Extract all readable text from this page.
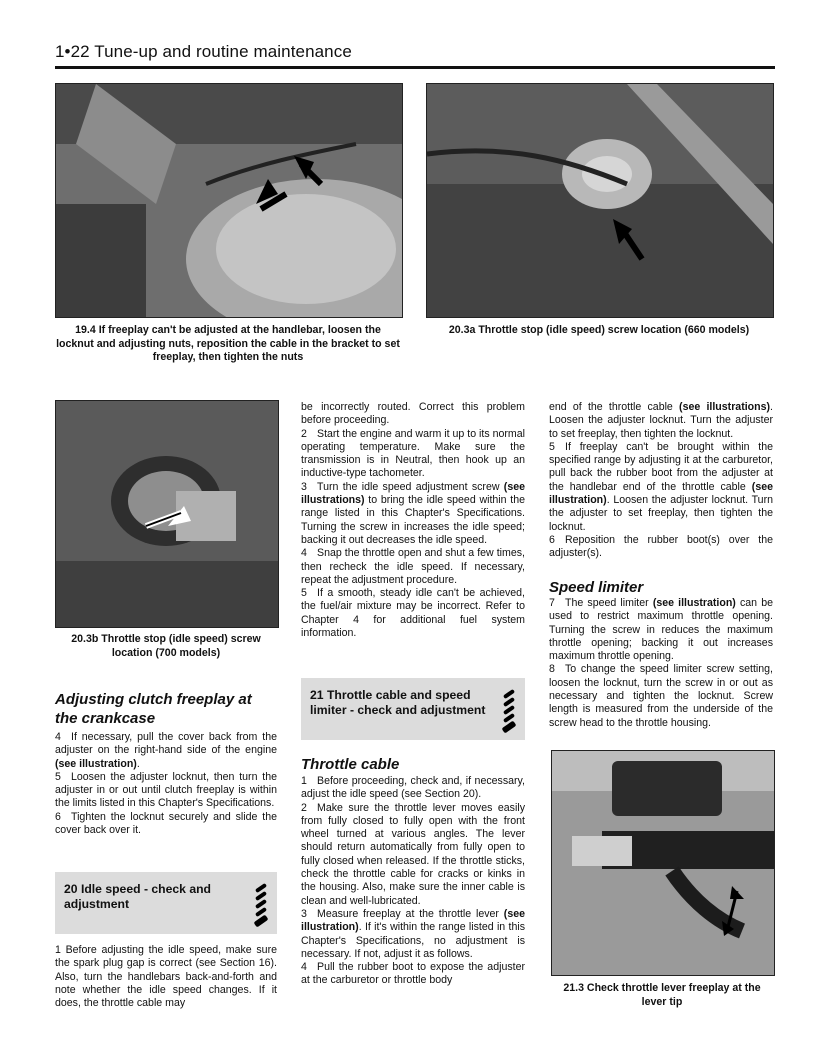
1•22 Tune-up and routine maintenance
19.4 If freeplay can't be adjusted at the handlebar, loosen the locknut and adjusting nuts, reposition the cable in the bracket to set freeplay, then tighten the nuts
20.3a Throttle stop (idle speed) screw location (660 models)
20.3b Throttle stop (idle speed) screw location (700 models)
21.3 Check throttle lever freeplay at the lever tip
Adjusting clutch freeplay at the crankcase

4 If necessary, pull the cover back from the adjuster on the right-hand side of the engine (see illustration).

5 Loosen the adjuster locknut, then turn the adjuster in or out until clutch freeplay is within the limits listed in this Chapter's Specifications.

6 Tighten the locknut securely and slide the cover back over it.

20 Idle speed - check and adjustment
1 Before adjusting the idle speed, make sure the spark plug gap is correct (see Section 16). Also, turn the handlebars back-and-forth and note whether the idle speed changes. If it does, the throttle cable may

be incorrectly routed. Correct this problem before proceeding.

2 Start the engine and warm it up to its normal operating temperature. Make sure the transmission is in Neutral, then hook up an inductive-type tachometer.

3 Turn the idle speed adjustment screw (see illustrations) to bring the idle speed within the range listed in this Chapter's Specifications. Turning the screw in increases the idle speed; backing it out decreases the idle speed.

4 Snap the throttle open and shut a few times, then recheck the idle speed. If necessary, repeat the adjustment procedure.

5 If a smooth, steady idle can't be achieved, the fuel/air mixture may be incorrect. Refer to Chapter 4 for additional fuel system information.

21 Throttle cable and speed limiter - check and adjustment
Throttle cable

1 Before proceeding, check and, if necessary, adjust the idle speed (see Section 20).

2 Make sure the throttle lever moves easily from fully closed to fully open with the front wheel turned at various angles. The lever should return automatically from fully open to fully closed when released. If the throttle sticks, check the throttle cable for cracks or kinks in the housing. Also, make sure the inner cable is clean and well-lubricated.

3 Measure freeplay at the throttle lever (see illustration). If it's within the range listed in this Chapter's Specifications, no adjustment is necessary. If not, adjust it as follows.

4 Pull the rubber boot to expose the adjuster at the carburetor or throttle body

end of the throttle cable (see illustrations). Loosen the adjuster locknut. Turn the adjuster to set freeplay, then tighten the locknut.

5 If freeplay can't be brought within the specified range by adjusting it at the carburetor, pull back the rubber boot from the adjuster at the handlebar end of the throttle cable (see illustration). Loosen the adjuster locknut. Turn the adjuster to set freeplay, then tighten the locknut.

6 Reposition the rubber boot(s) over the adjuster(s).

Speed limiter

7 The speed limiter (see illustration) can be used to restrict maximum throttle opening. Turning the screw in reduces the maximum throttle opening; backing it out increases maximum throttle opening.

8 To change the speed limiter screw setting, loosen the locknut, turn the screw in or out as necessary and tighten the locknut. Screw length is measured from the underside of the screw head to the throttle housing.
